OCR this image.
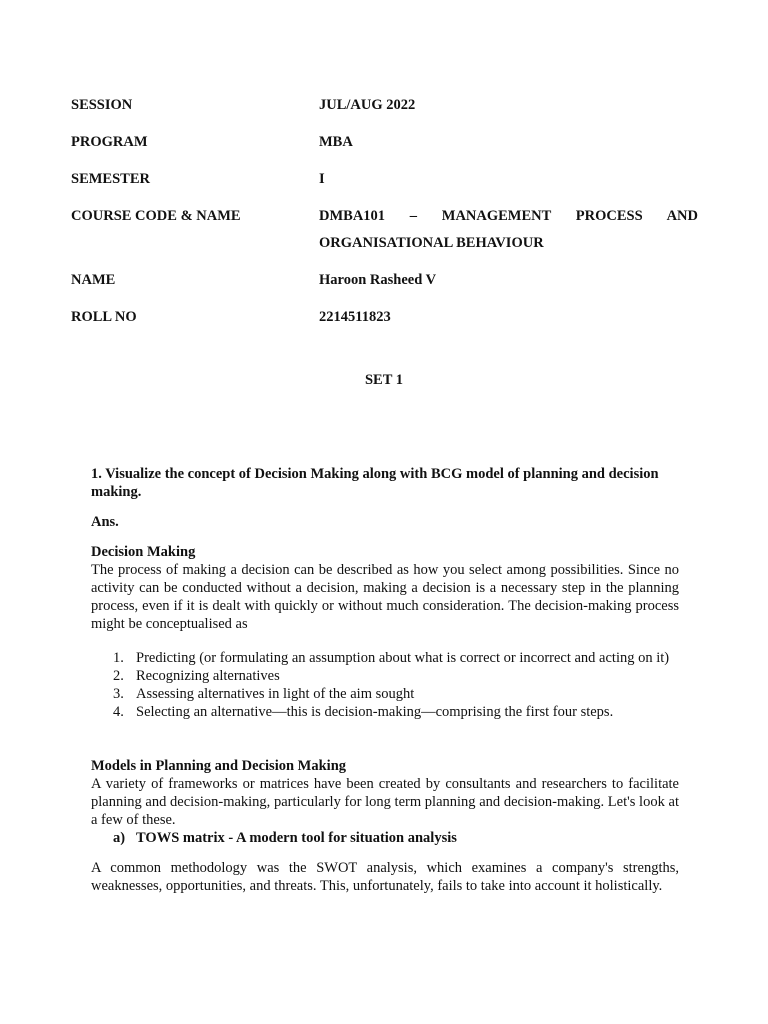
SESSION	JUL/AUG 2022
PROGRAM	MBA
SEMESTER	I
COURSE CODE & NAME	DMBA101 – MANAGEMENT PROCESS AND ORGANISATIONAL BEHAVIOUR
NAME	Haroon Rasheed V
ROLL NO	2214511823
SET 1

1. Visualize the concept of Decision Making along with BCG model of planning and decision making.

Ans.

Decision Making

The process of making a decision can be described as how you select among possibilities. Since no activity can be conducted without a decision, making a decision is a necessary step in the planning process, even if it is dealt with quickly or without much consideration. The decision-making process might be conceptualised as

1. Predicting (or formulating an assumption about what is correct or incorrect and acting on it)
2. Recognizing alternatives
3. Assessing alternatives in light of the aim sought
4. Selecting an alternative—this is decision-making—comprising the first four steps.

Models in Planning and Decision Making

A variety of frameworks or matrices have been created by consultants and researchers to facilitate planning and decision-making, particularly for long term planning and decision-making. Let's look at a few of these.

a) TOWS matrix - A modern tool for situation analysis

A common methodology was the SWOT analysis, which examines a company's strengths, weaknesses, opportunities, and threats. This, unfortunately, fails to take into account it holistically.
